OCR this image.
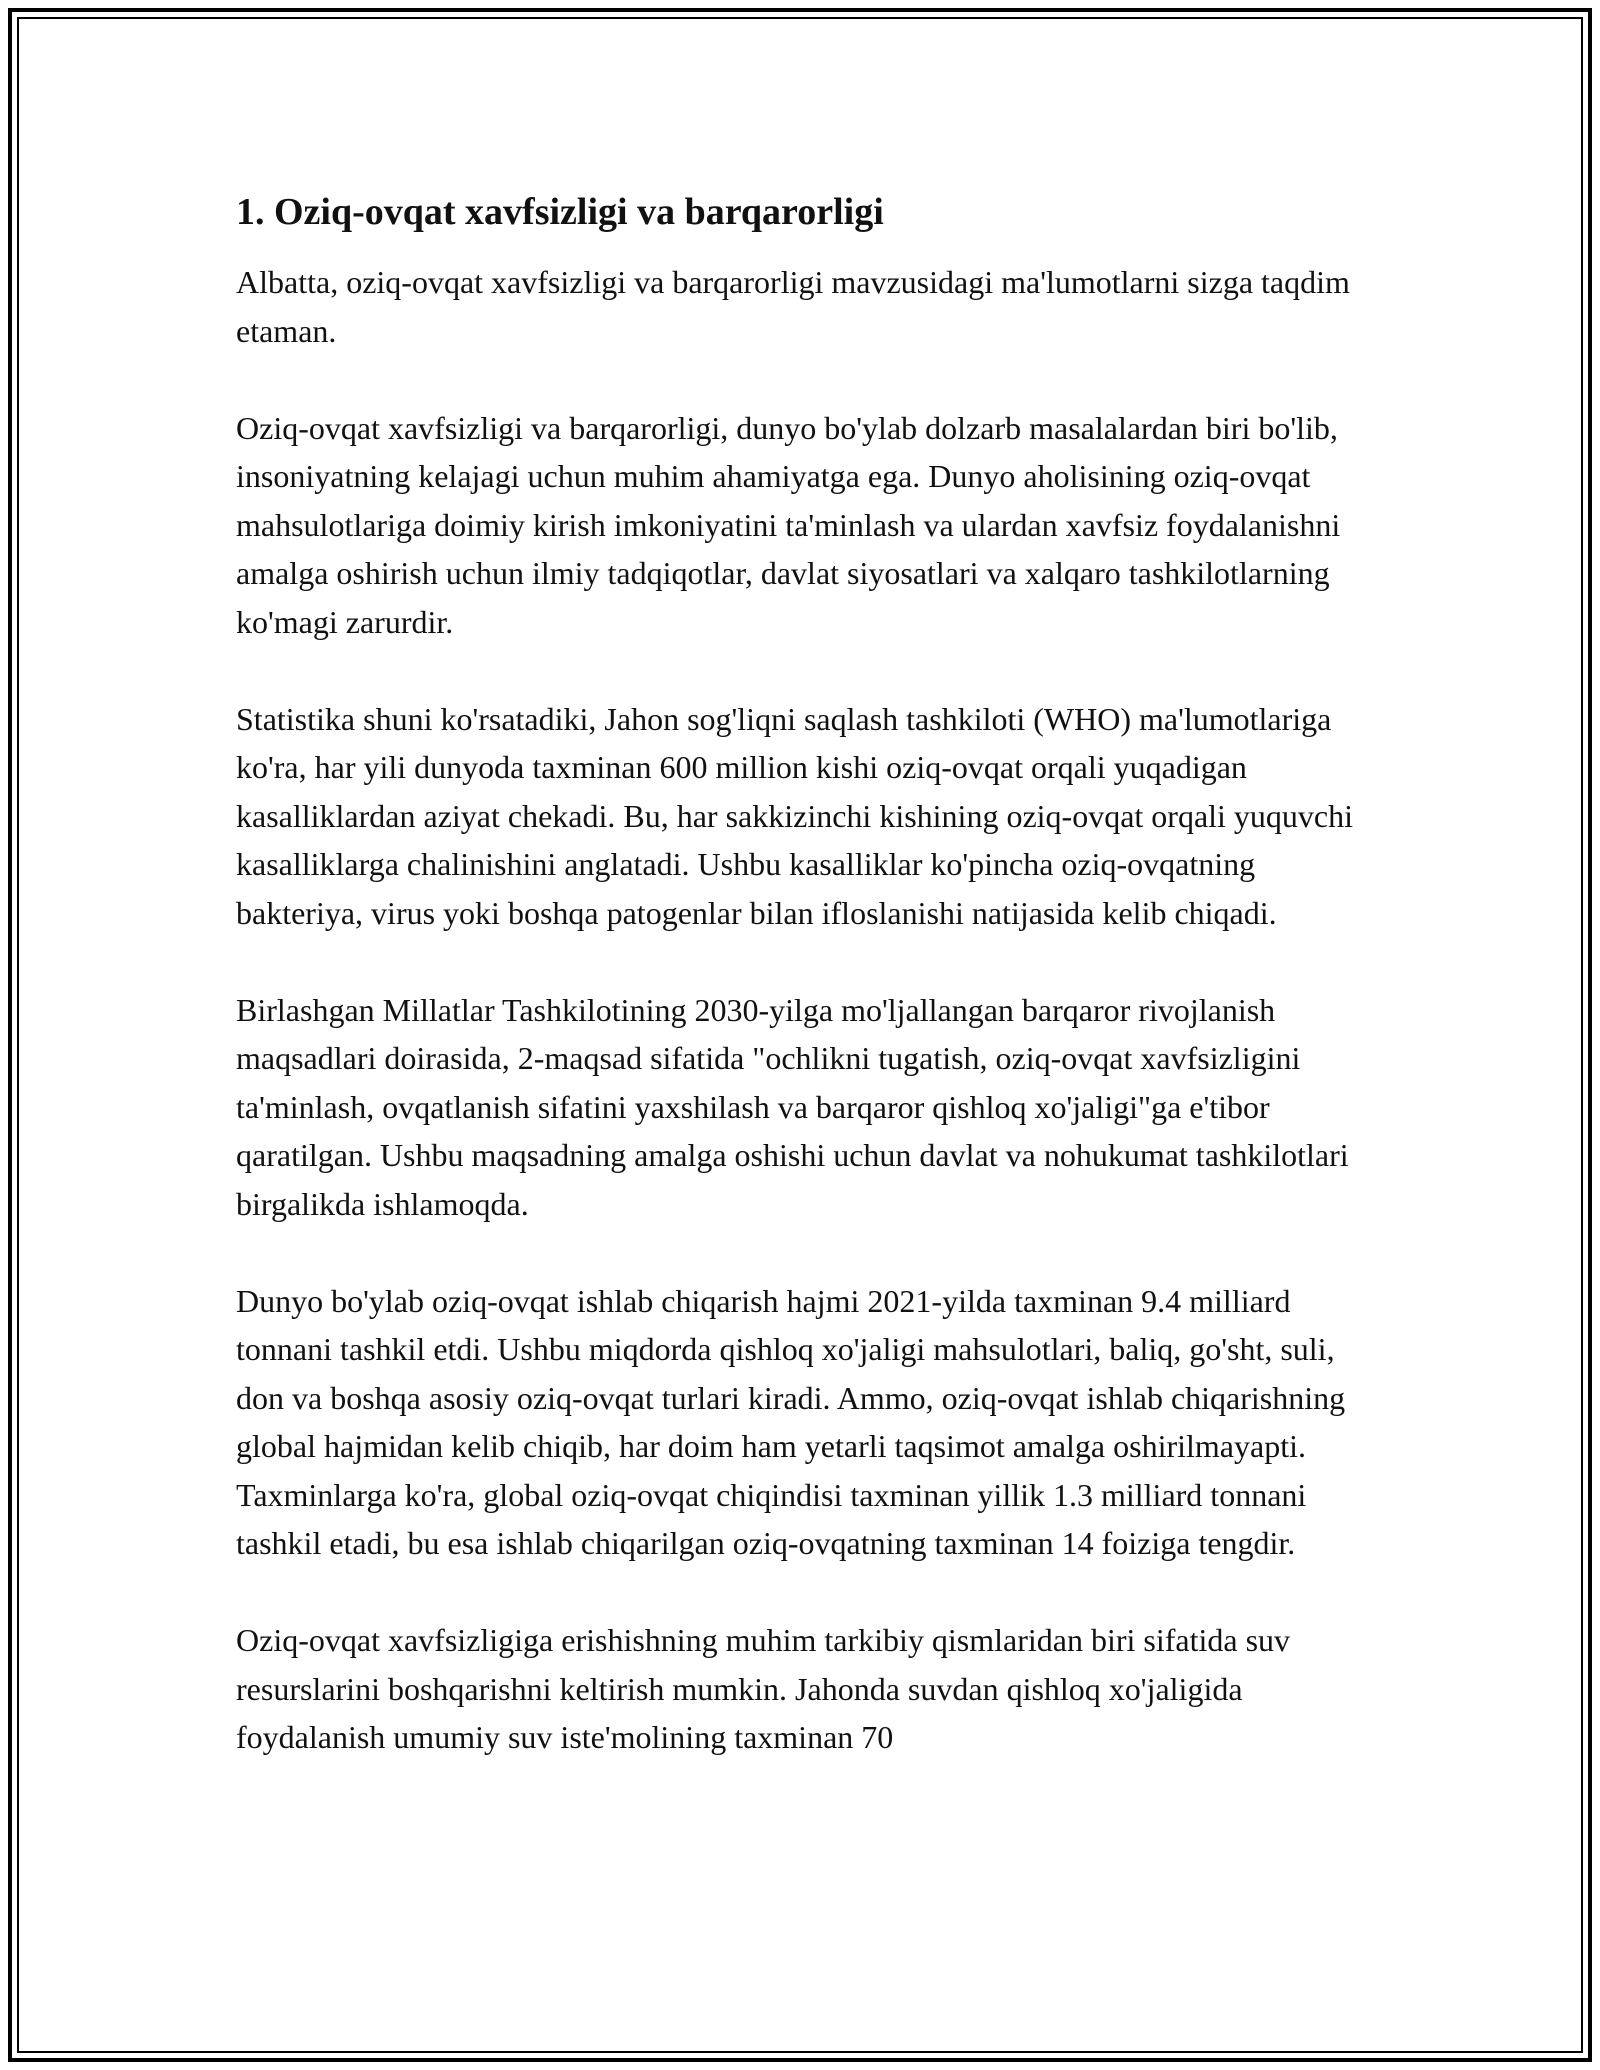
1. Oziq-ovqat xavfsizligi va barqarorligi

Albatta, oziq-ovqat xavfsizligi va barqarorligi mavzusidagi ma'lumotlarni sizga taqdim etaman.

Oziq-ovqat xavfsizligi va barqarorligi, dunyo bo'ylab dolzarb masalalardan biri bo'lib, insoniyatning kelajagi uchun muhim ahamiyatga ega. Dunyo aholisining oziq-ovqat mahsulotlariga doimiy kirish imkoniyatini ta'minlash va ulardan xavfsiz foydalanishni amalga oshirish uchun ilmiy tadqiqotlar, davlat siyosatlari va xalqaro tashkilotlarning ko'magi zarurdir.

Statistika shuni ko'rsatadiki, Jahon sog'liqni saqlash tashkiloti (WHO) ma'lumotlariga ko'ra, har yili dunyoda taxminan 600 million kishi oziq-ovqat orqali yuqadigan kasalliklardan aziyat chekadi. Bu, har sakkizinchi kishining oziq-ovqat orqali yuquvchi kasalliklarga chalinishini anglatadi. Ushbu kasalliklar ko'pincha oziq-ovqatning bakteriya, virus yoki boshqa patogenlar bilan ifloslanishi natijasida kelib chiqadi.

Birlashgan Millatlar Tashkilotining 2030-yilga mo'ljallangan barqaror rivojlanish maqsadlari doirasida, 2-maqsad sifatida "ochlikni tugatish, oziq-ovqat xavfsizligini ta'minlash, ovqatlanish sifatini yaxshilash va barqaror qishloq xo'jaligi"ga e'tibor qaratilgan. Ushbu maqsadning amalga oshishi uchun davlat va nohukumat tashkilotlari birgalikda ishlamoqda.

Dunyo bo'ylab oziq-ovqat ishlab chiqarish hajmi 2021-yilda taxminan 9.4 milliard tonnani tashkil etdi. Ushbu miqdorda qishloq xo'jaligi mahsulotlari, baliq, go'sht, suli, don va boshqa asosiy oziq-ovqat turlari kiradi. Ammo, oziq-ovqat ishlab chiqarishning global hajmidan kelib chiqib, har doim ham yetarli taqsimot amalga oshirilmayapti. Taxminlarga ko'ra, global oziq-ovqat chiqindisi taxminan yillik 1.3 milliard tonnani tashkil etadi, bu esa ishlab chiqarilgan oziq-ovqatning taxminan 14 foiziga tengdir.

Oziq-ovqat xavfsizligiga erishishning muhim tarkibiy qismlaridan biri sifatida suv resurslarini boshqarishni keltirish mumkin. Jahonda suvdan qishloq xo'jaligida foydalanish umumiy suv iste'molining taxminan 70
